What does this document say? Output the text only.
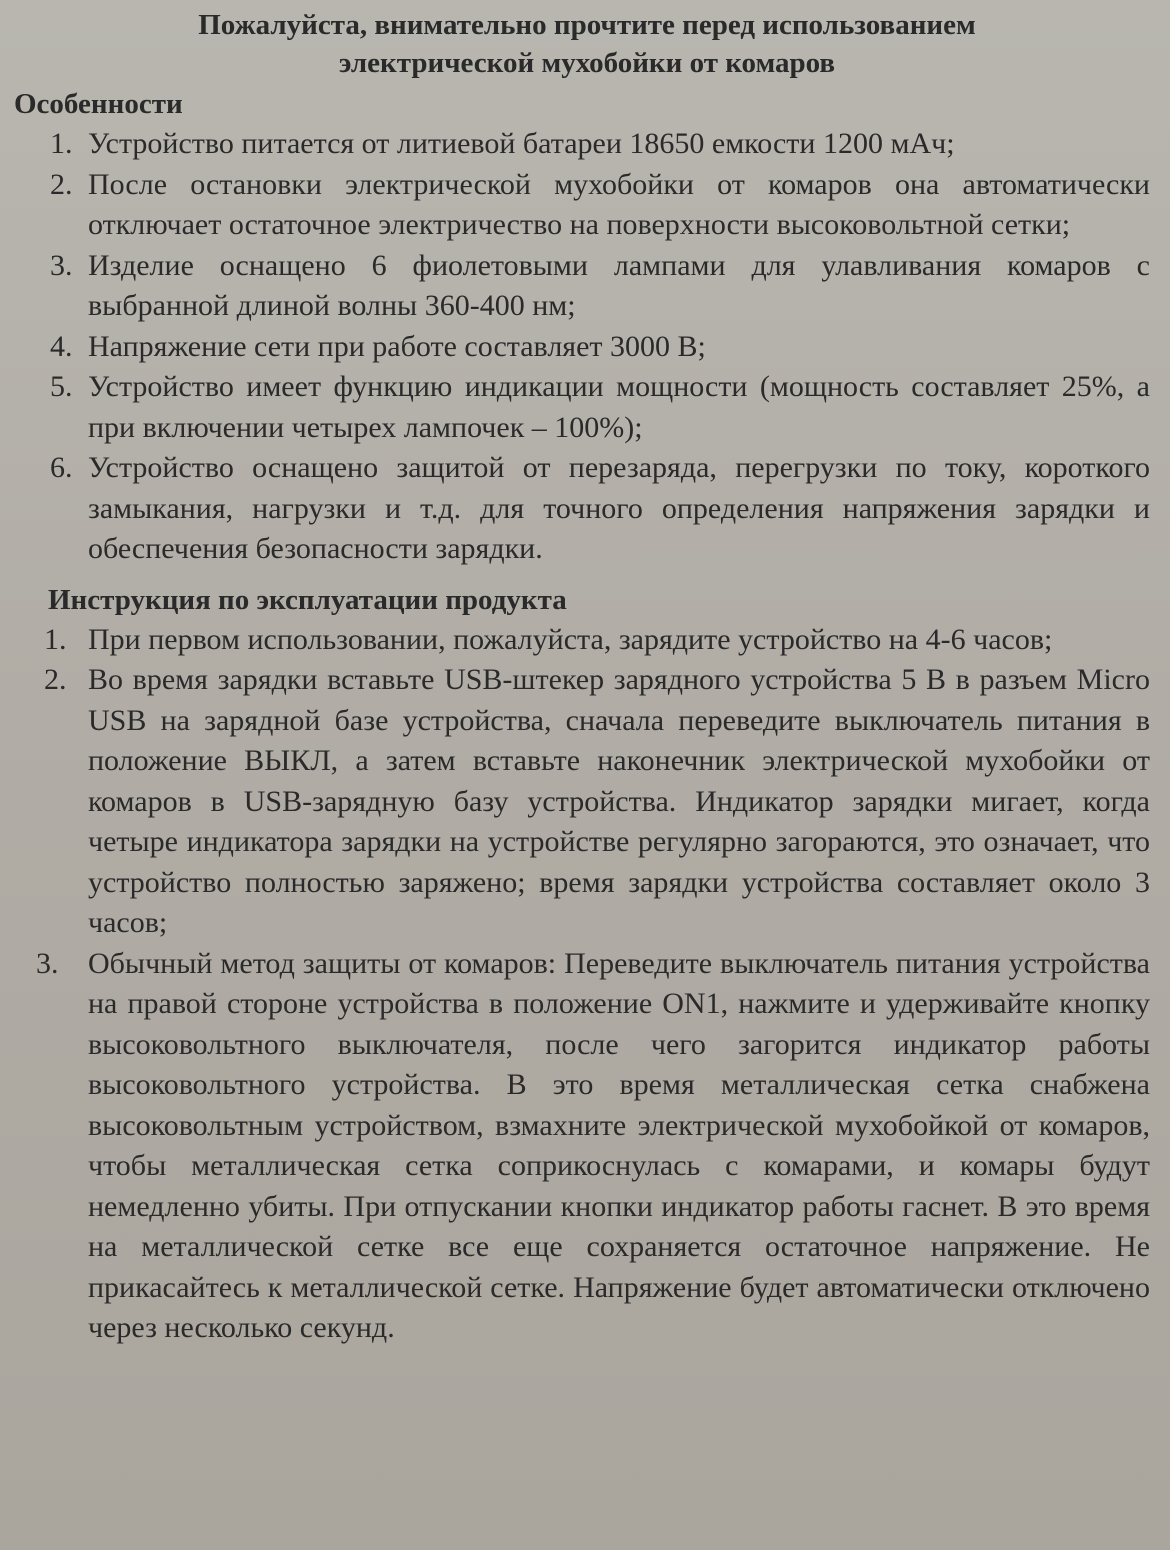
Пожалуйста, внимательно прочтите перед использованием
электрической мухобойки от комаров
Особенности
1. Устройство питается от литиевой батареи 18650 емкости 1200 мАч;
2. После остановки электрической мухобойки от комаров она автоматически отключает остаточное электричество на поверхности высоковольтной сетки;
3. Изделие оснащено 6 фиолетовыми лампами для улавливания комаров с выбранной длиной волны 360-400 нм;
4. Напряжение сети при работе составляет 3000 В;
5. Устройство имеет функцию индикации мощности (мощность составляет 25%, а при включении четырех лампочек – 100%);
6. Устройство оснащено защитой от перезаряда, перегрузки по току, короткого замыкания, нагрузки и т.д. для точного определения напряжения зарядки и обеспечения безопасности зарядки.
Инструкция по эксплуатации продукта
1. При первом использовании, пожалуйста, зарядите устройство на 4-6 часов;
2. Во время зарядки вставьте USB-штекер зарядного устройства 5 В в разъем Micro USB на зарядной базе устройства, сначала переведите выключатель питания в положение ВЫКЛ, а затем вставьте наконечник электрической мухобойки от комаров в USB-зарядную базу устройства. Индикатор зарядки мигает, когда четыре индикатора зарядки на устройстве регулярно загораются, это означает, что устройство полностью заряжено; время зарядки устройства составляет около 3 часов;
3. Обычный метод защиты от комаров: Переведите выключатель питания устройства на правой стороне устройства в положение ON1, нажмите и удерживайте кнопку высоковольтного выключателя, после чего загорится индикатор работы высоковольтного устройства. В это время металлическая сетка снабжена высоковольтным устройством, взмахните электрической мухобойкой от комаров, чтобы металлическая сетка соприкоснулась с комарами, и комары будут немедленно убиты. При отпускании кнопки индикатор работы гаснет. В это время на металлической сетке все еще сохраняется остаточное напряжение. Не прикасайтесь к металлической сетке. Напряжение будет автоматически отключено через несколько секунд.
